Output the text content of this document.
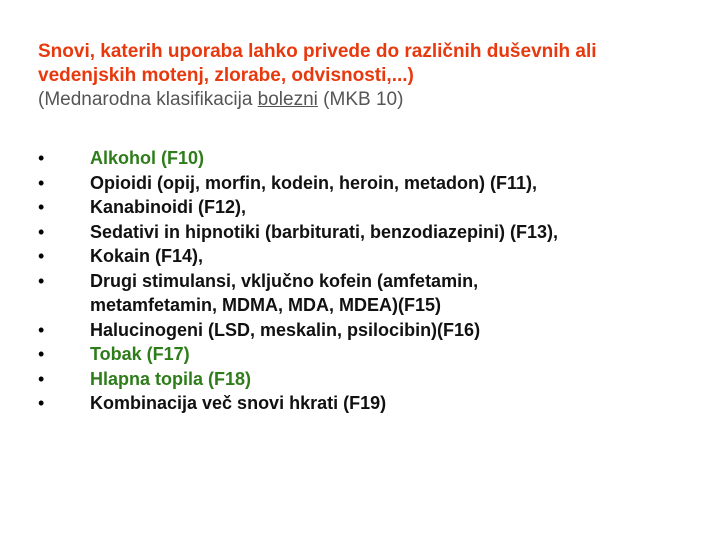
Snovi, katerih uporaba lahko privede do različnih duševnih ali
vedenjskih motenj, zlorabe, odvisnosti,...)
(Mednarodna klasifikacija bolezni (MKB 10)
•	Alkohol (F10)
•	Opioidi (opij, morfin, kodein, heroin, metadon) (F11),
•	Kanabinoidi (F12),
•	Sedativi in hipnotiki (barbiturati, benzodiazepini) (F13),
•	Kokain (F14),
•	Drugi stimulansi, vključno kofein (amfetamin,
metamfetamin, MDMA, MDA, MDEA)(F15)
•	Halucinogeni (LSD, meskalin, psilocibin)(F16)
•	Tobak (F17)
•	Hlapna topila (F18)
•	Kombinacija več snovi hkrati (F19)
